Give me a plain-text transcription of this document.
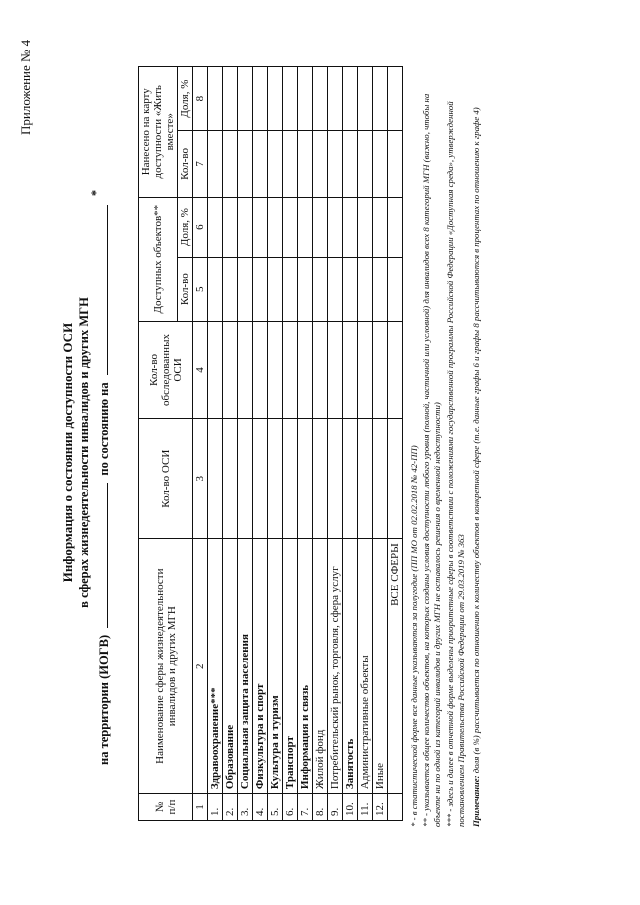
Приложение № 4
Информация о состоянии доступности ОСИ в сферах жизнедеятельности инвалидов и других МГН
на территории (ИОГВ)  по состоянию на  *
№ п/п	Наименование сферы жизнедеятельности инвалидов и других МГН	Кол-во ОСИ	Кол-во обследованных ОСИ	Доступных объектов**		Нанесено на карту доступности «Жить вместе»	
				Кол-во	Доля, %	Кол-во	Доля, %
1	2	3	4	5	6	7	8
1.	Здравоохранение***						
2.	Образование						
3.	Социальная защита населения						
4.	Физкультура и спорт						
5.	Культура и туризм						
6.	Транспорт						
7.	Информация и связь						
8.	Жилой фонд						
9.	Потребительский рынок, торговля, сфера услуг						
10.	Занятость						
11.	Административные объекты						
12.	Иные						
	ВСЕ СФЕРЫ						* - в статистической форме все данные указываются за полугодие (ПП МО от 02.02.2018 № 42-ПП) ** - указывается общее количество объектов, на которых созданы условия доступности любого уровня (полной, частичной или условной) для инвалидов всех 8 категорий МГН (важно, чтобы на объекте ни по одной из категорий инвалидов и других МГН не оставалось решения о временной недоступности) *** - здесь и далее в отчетной форме выделены приоритетные сферы в соответствии с положениями государственной программы Российской Федерации «Доступная среда», утвержденной постановлением Правительства Российской Федерации от 29.03.2019 № 363 Примечание: доля (в %) рассчитывается по отношению к количеству объектов в конкретной сфере (т.е. данные графы 6 и графы 8 рассчитываются в процентах по отношению к графе 4)
